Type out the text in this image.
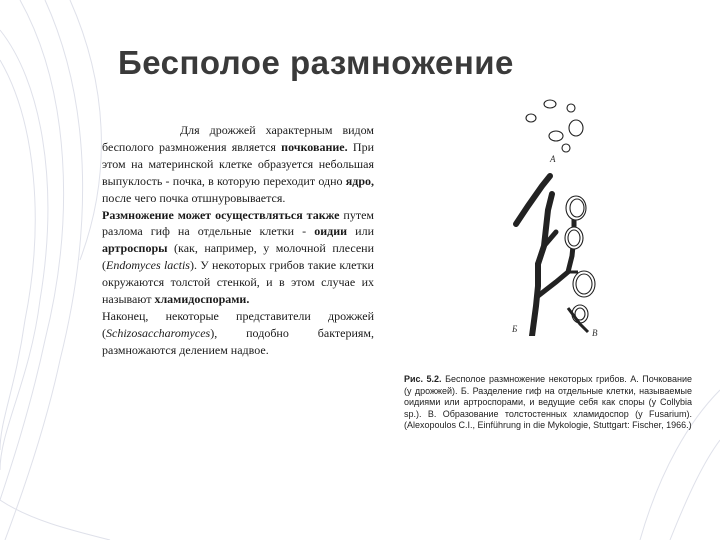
Бесполое размножение

Для дрожжей характерным видом бесполого размножения является почкование. При этом на материнской клетке образуется небольшая выпуклость - почка, в которую переходит одно ядро, после чего почка отшнуровывается.

Размножение может осуществляться также путем разлома гиф на отдельные клетки - оидии или артроспоры (как, например, у молочной плесени (Endomyces lactis). У некоторых грибов такие клетки окружаются толстой стенкой, и в этом случае их называют хламидоспорами.

Наконец, некоторые представители дрожжей (Schizosaccharomyces), подобно бактериям, размножаются делением надвое.

А
Б	В
Рис. 5.2. Бесполое размножение некоторых грибов. А. Почкование (у дрожжей). Б. Разделение гиф на отдельные клетки, называемые оидиями или артроспорами, и ведущие себя как споры (у Collybia sp.). В. Образование толстостенных хламидоспор (у Fusarium). (Alexopoulos C.I., Einführung in die Mykologie, Stuttgart: Fischer, 1966.)
